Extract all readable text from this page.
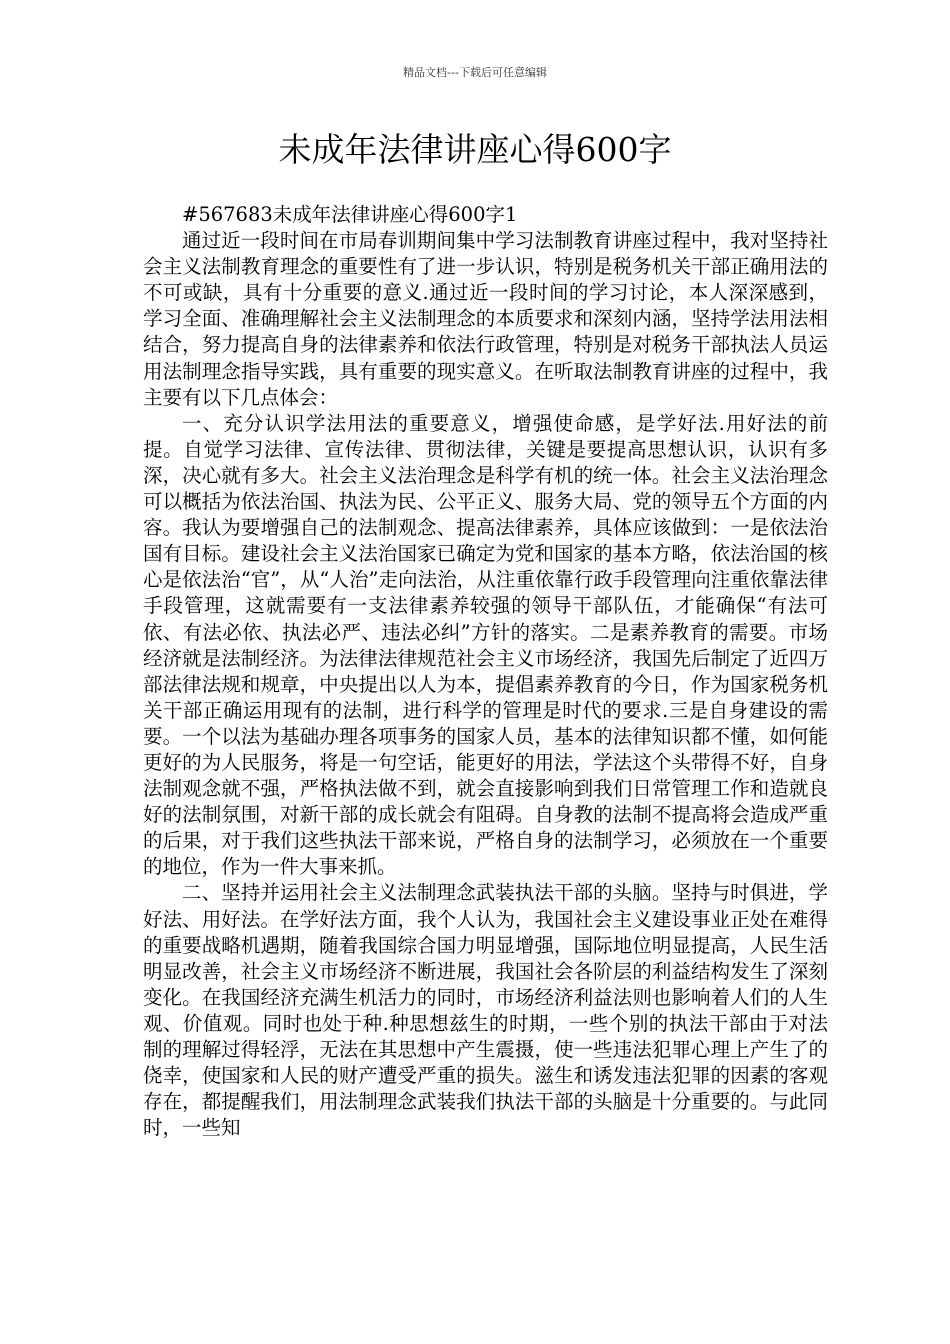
精品文档---下载后可任意编辑
未成年法律讲座心得600字

#567683未成年法律讲座心得600字1

通过近一段时间在市局春训期间集中学习法制教育讲座过程中，我对坚持社会主义法制教育理念的重要性有了进一步认识，特别是税务机关干部正确用法的不可或缺，具有十分重要的意义.通过近一段时间的学习讨论，本人深深感到，学习全面、准确理解社会主义法制理念的本质要求和深刻内涵，坚持学法用法相结合，努力提高自身的法律素养和依法行政管理，特别是对税务干部执法人员运用法制理念指导实践，具有重要的现实意义。在听取法制教育讲座的过程中，我主要有以下几点体会：

一、充分认识学法用法的重要意义，增强使命感，是学好法.用好法的前提。自觉学习法律、宣传法律、贯彻法律，关键是要提高思想认识，认识有多深，决心就有多大。社会主义法治理念是科学有机的统一体。社会主义法治理念可以概括为依法治国、执法为民、公平正义、服务大局、党的领导五个方面的内容。我认为要增强自己的法制观念、提高法律素养，具体应该做到：一是依法治国有目标。建设社会主义法治国家已确定为党和国家的基本方略，依法治国的核心是依法治“官”，从“人治”走向法治，从注重依靠行政手段管理向注重依靠法律手段管理，这就需要有一支法律素养较强的领导干部队伍，才能确保“有法可依、有法必依、执法必严、违法必纠”方针的落实。二是素养教育的需要。市场经济就是法制经济。为法律法律规范社会主义市场经济，我国先后制定了近四万部法律法规和规章，中央提出以人为本，提倡素养教育的今日，作为国家税务机关干部正确运用现有的法制，进行科学的管理是时代的要求.三是自身建设的需要。一个以法为基础办理各项事务的国家人员，基本的法律知识都不懂，如何能更好的为人民服务，将是一句空话，能更好的用法，学法这个头带得不好，自身法制观念就不强，严格执法做不到，就会直接影响到我们日常管理工作和造就良好的法制氛围，对新干部的成长就会有阻碍。自身教的法制不提高将会造成严重的后果，对于我们这些执法干部来说，严格自身的法制学习，必须放在一个重要的地位，作为一件大事来抓。

二、坚持并运用社会主义法制理念武装执法干部的头脑。坚持与时俱进，学好法、用好法。在学好法方面，我个人认为，我国社会主义建设事业正处在难得的重要战略机遇期，随着我国综合国力明显增强，国际地位明显提高，人民生活明显改善，社会主义市场经济不断进展，我国社会各阶层的利益结构发生了深刻变化。在我国经济充满生机活力的同时，市场经济利益法则也影响着人们的人生观、价值观。同时也处于种.种思想兹生的时期，一些个别的执法干部由于对法制的理解过得轻浮，无法在其思想中产生震摄，使一些违法犯罪心理上产生了的侥幸，使国家和人民的财产遭受严重的损失。滋生和诱发违法犯罪的因素的客观存在，都提醒我们，用法制理念武装我们执法干部的头脑是十分重要的。与此同时，一些知
